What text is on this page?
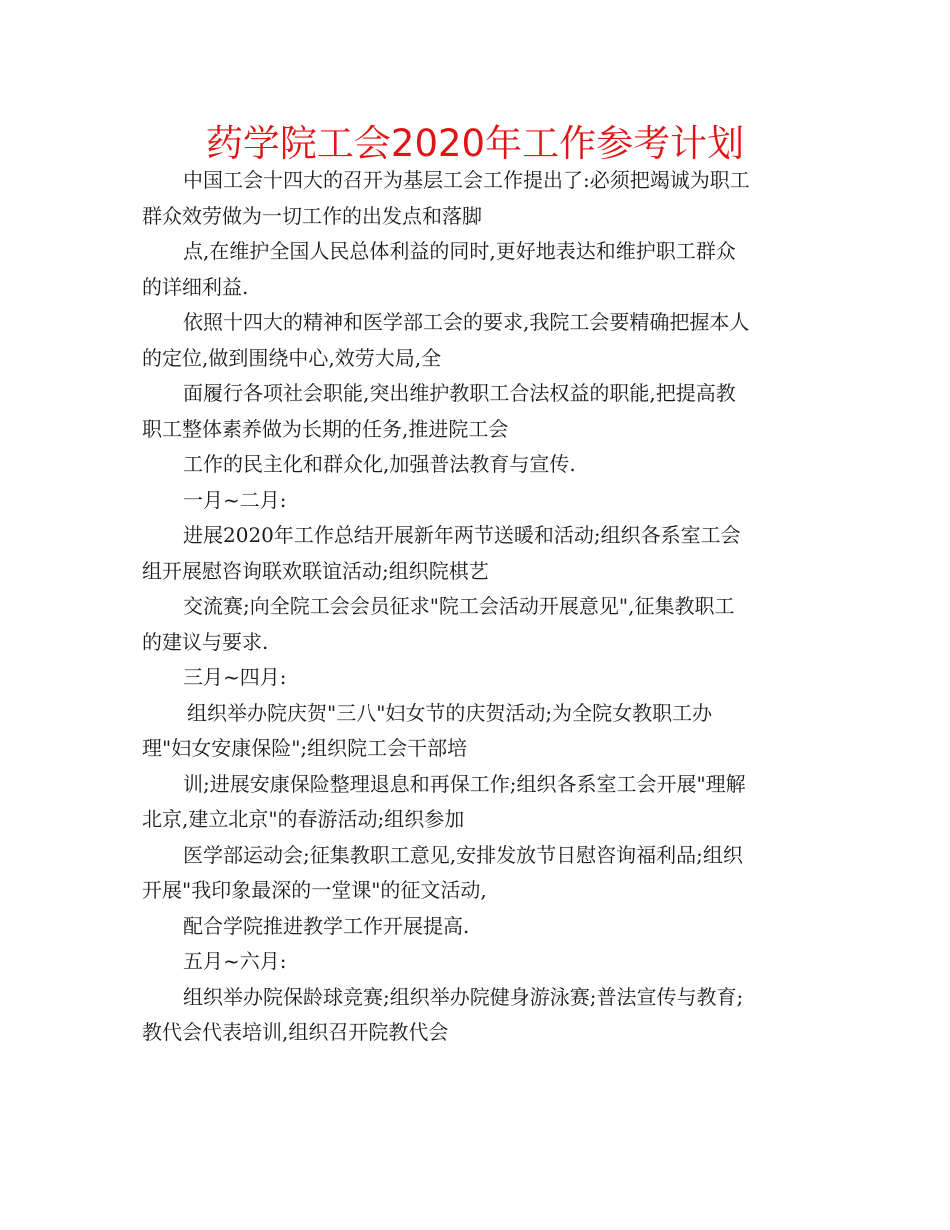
药学院工会2020年工作参考计划
中国工会十四大的召开为基层工会工作提出了:必须把竭诚为职工
群众效劳做为一切工作的出发点和落脚
点,在维护全国人民总体利益的同时,更好地表达和维护职工群众
的详细利益.
依照十四大的精神和医学部工会的要求,我院工会要精确把握本人
的定位,做到围绕中心,效劳大局,全
面履行各项社会职能,突出维护教职工合法权益的职能,把提高教
职工整体素养做为长期的任务,推进院工会
工作的民主化和群众化,加强普法教育与宣传.
一月~二月:
进展2020年工作总结开展新年两节送暖和活动;组织各系室工会
组开展慰咨询联欢联谊活动;组织院棋艺
交流赛;向全院工会会员征求"院工会活动开展意见",征集教职工
的建议与要求.
三月~四月:
组织举办院庆贺"三八"妇女节的庆贺活动;为全院女教职工办
理"妇女安康保险";组织院工会干部培
训;进展安康保险整理退息和再保工作;组织各系室工会开展"理解
北京,建立北京"的春游活动;组织参加
医学部运动会;征集教职工意见,安排发放节日慰咨询福利品;组织
开展"我印象最深的一堂课"的征文活动,
配合学院推进教学工作开展提高.
五月~六月:
组织举办院保龄球竞赛;组织举办院健身游泳赛;普法宣传与教育;
教代会代表培训,组织召开院教代会
